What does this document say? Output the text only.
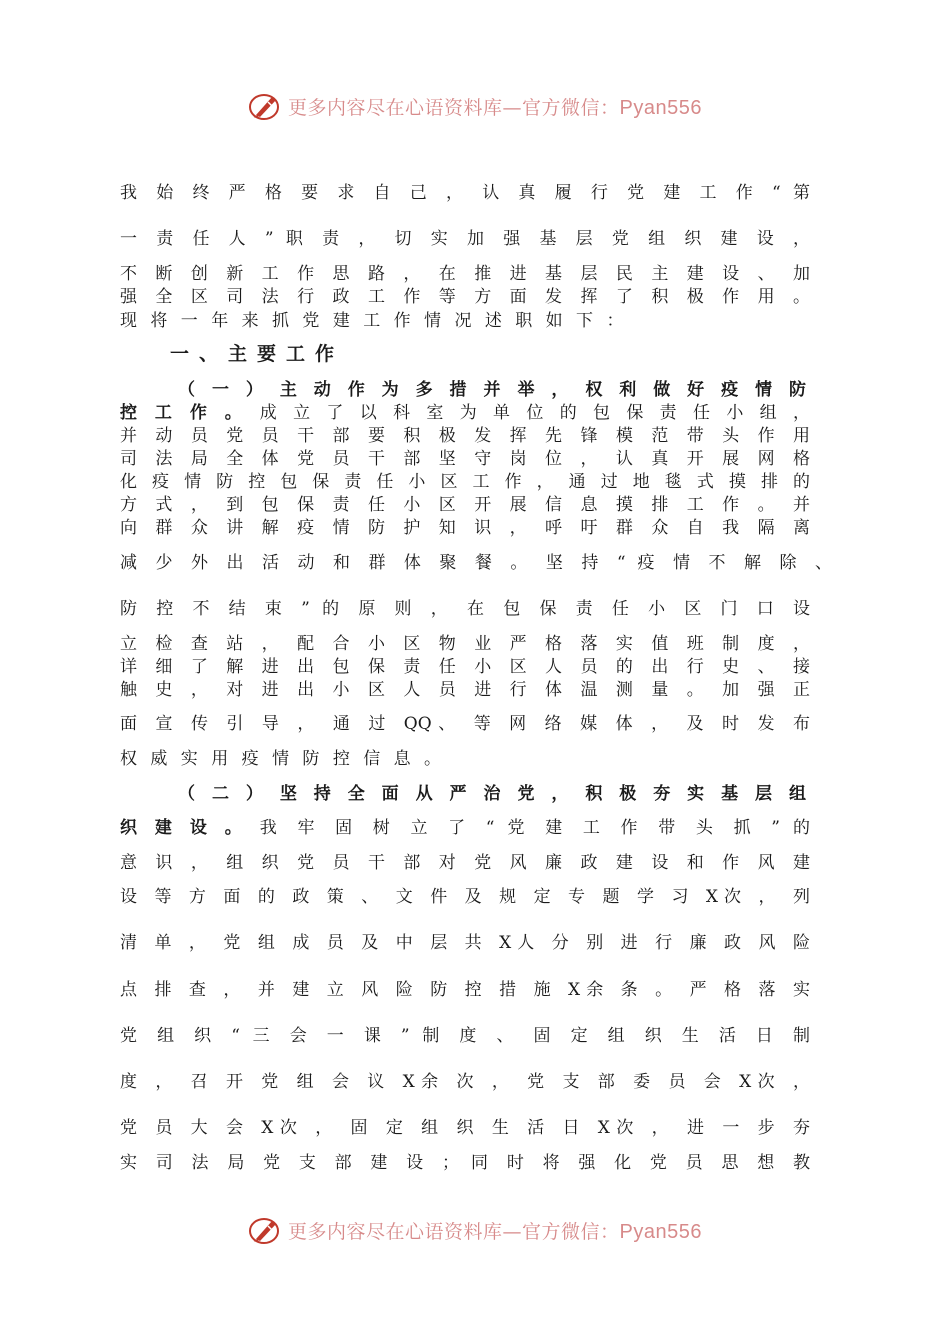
更多内容尽在心语资料库—官方微信：Pyan556
我 始 终 严 格 要 求 自 己 ， 认 真 履 行 党 建 工 作 “ 第
一 责 任 人 ” 职 责 ， 切 实 加 强 基 层 党 组 织 建 设 ，
不 断 创 新 工 作 思 路 ， 在 推 进 基 层 民 主 建 设 、 加
强 全 区 司 法 行 政 工 作 等 方 面 发 挥 了 积 极 作 用 。
现 将 一 年 来 抓 党 建 工 作 情 况 述 职 如 下 ：
一、主要工作
（ 一 ） 主 动 作 为 多 措 并 举 ， 权 利 做 好 疫 情 防
控 工 作 。 成 立 了 以 科 室 为 单 位 的 包 保 责 任 小 组 ，
并 动 员 党 员 干 部 要 积 极 发 挥 先 锋 模 范 带 头 作 用
司 法 局 全 体 党 员 干 部 坚 守 岗 位 ， 认 真 开 展 网 格
化 疫 情 防 控 包 保 责 任 小 区 工 作 ， 通 过 地 毯 式 摸 排 的
方 式 ， 到 包 保 责 任 小 区 开 展 信 息 摸 排 工 作 。 并
向 群 众 讲 解 疫 情 防 护 知 识 ， 呼 吁 群 众 自 我 隔 离
减 少 外 出 活 动 和 群 体 聚 餐 。 坚 持 “ 疫 情 不 解 除 、
防 控 不 结 束 ” 的 原 则 ， 在 包 保 责 任 小 区 门 口 设
立 检 查 站 ， 配 合 小 区 物 业 严 格 落 实 值 班 制 度 ，
详 细 了 解 进 出 包 保 责 任 小 区 人 员 的 出 行 史 、 接
触 史 ， 对 进 出 小 区 人 员 进 行 体 温 测 量 。 加 强 正
面 宣 传 引 导 ， 通 过 QQ、 等 网 络 媒 体 ， 及 时 发 布
权 威 实 用 疫 情 防 控 信 息 。
（ 二 ） 坚 持 全 面 从 严 治 党 ， 积 极 夯 实 基 层 组
织 建 设 。 我 牢 固 树 立 了 “ 党 建 工 作 带 头 抓 ” 的
意 识 ， 组 织 党 员 干 部 对 党 风 廉 政 建 设 和 作 风 建
设 等 方 面 的 政 策 、 文 件 及 规 定 专 题 学 习 X次 ， 列
清 单 ， 党 组 成 员 及 中 层 共 X人 分 别 进 行 廉 政 风 险
点 排 查 ， 并 建 立 风 险 防 控 措 施 X余 条 。 严 格 落 实
党 组 织 “ 三 会 一 课 ” 制 度 、 固 定 组 织 生 活 日 制
度 ， 召 开 党 组 会 议 X余 次 ， 党 支 部 委 员 会 X次 ，
党 员 大 会 X次 ， 固 定 组 织 生 活 日 X次 ， 进 一 步 夯
实 司 法 局 党 支 部 建 设 ； 同 时 将 强 化 党 员 思 想 教
更多内容尽在心语资料库—官方微信：Pyan556
